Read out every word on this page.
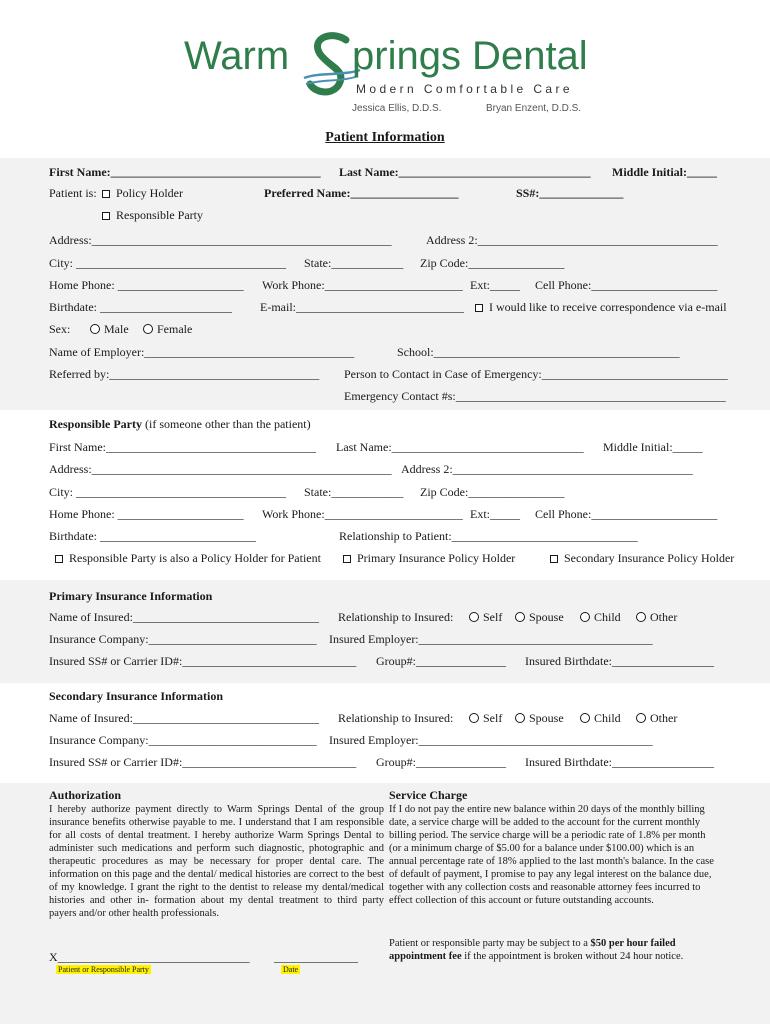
Warm prings Dental
Modern Comfortable Care
Jessica Ellis, D.D.S.	Bryan Enzent, D.D.S.
Patient Information
First Name:___________________________________ Last Name:________________________________ Middle Initial:_____
Patient is:	Policy Holder	Preferred Name:__________________	SS#:______________
Responsible Party
Address:__________________________________________________	Address 2:________________________________________
City: ___________________________________ State:____________ Zip Code:________________
Home Phone: _____________________ Work Phone:_______________________ Ext:_____ Cell Phone:_____________________
Birthdate: ______________________ E-mail:____________________________	I would like to receive correspondence via e-mail
Sex:	Male	Female
Name of Employer:___________________________________	School:_________________________________________
Referred by:___________________________________ Person to Contact in Case of Emergency:_______________________________
Emergency Contact #s:_____________________________________________
Responsible Party (if someone other than the patient)
First Name:___________________________________ Last Name:________________________________ Middle Initial:_____
Address:__________________________________________________ Address 2:________________________________________
City: ___________________________________ State:____________ Zip Code:________________
Home Phone: _____________________ Work Phone:_______________________ Ext:_____ Cell Phone:_____________________
Birthdate: __________________________	Relationship to Patient:_______________________________
Responsible Party is also a Policy Holder for Patient	Primary Insurance Policy Holder	Secondary Insurance Policy Holder
Primary Insurance Information
Name of Insured:_______________________________ Relationship to Insured:	Self	Spouse	Child	Other
Insurance Company:____________________________ Insured Employer:_______________________________________
Insured SS# or Carrier ID#:_____________________________ Group#:_______________ Insured Birthdate:_________________
Secondary Insurance Information
Name of Insured:_______________________________ Relationship to Insured:	Self	Spouse	Child	Other
Insurance Company:____________________________ Insured Employer:_______________________________________
Insured SS# or Carrier ID#:_____________________________ Group#:_______________ Insured Birthdate:_________________
Authorization
I hereby authorize payment directly to Warm Springs Dental of the group insurance benefits otherwise payable to me. I understand that I am responsible for all costs of dental treatment. I hereby authorize Warm Springs Dental to administer such medications and perform such diagnostic, photographic and therapeutic procedures as may be necessary for proper dental care. The information on this page and the dental/ medical histories are correct to the best of my knowledge. I grant the right to the dentist to release my dental/medical histories and other in- formation about my dental treatment to third party payers and/or other health professionals.
X________________________________ ______________
Patient or Responsible Party	Date
Service Charge
If I do not pay the entire new balance within 20 days of the monthly billing date, a service charge will be added to the account for the current monthly billing period. The service charge will be a periodic rate of 1.8% per month (or a minimum charge of $5.00 for a balance under $100.00) which is an annual percentage rate of 18% applied to the last month's balance. In the case of default of payment, I promise to pay any legal interest on the balance due, together with any collection costs and reasonable attorney fees incurred to effect collection of this account or future outstanding accounts.
Patient or responsible party may be subject to a $50 per hour failed
appointment fee if the appointment is broken without 24 hour notice.
